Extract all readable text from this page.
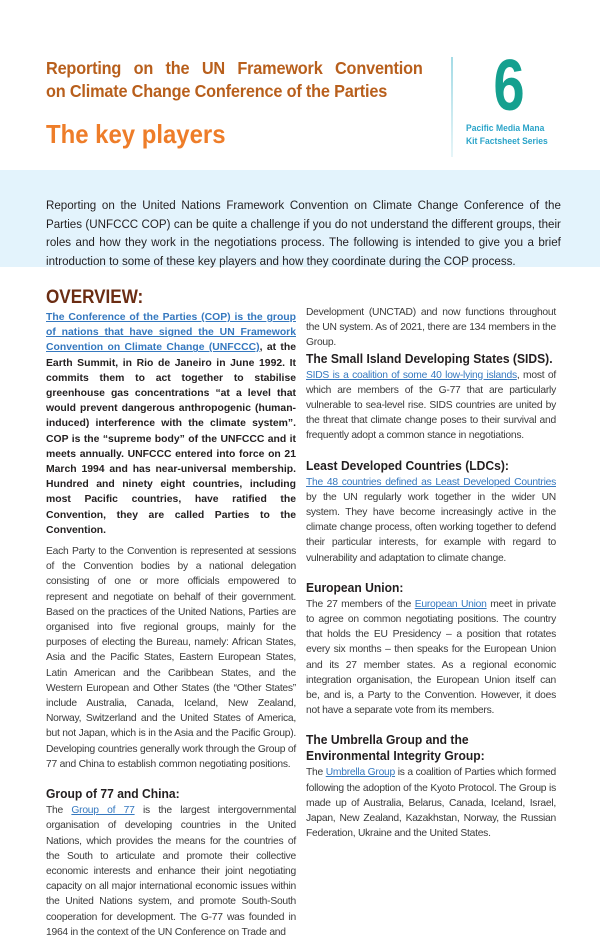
Reporting on the UN Framework Convention
on Climate Change Conference of the Parties
The key players
6
Pacific Media Mana
Kit Factsheet Series

Reporting on the United Nations Framework Convention on Climate Change Conference of the Parties (UNFCCC COP) can be quite a challenge if you do not understand the different groups, their roles and how they work in the negotiations process. The following is intended to give you a brief introduction to some of these key players and how they coordinate during the COP process.

OVERVIEW:

The Conference of the Parties (COP) is the group of nations that have signed the UN Framework Convention on Climate Change (UNFCCC), at the Earth Summit, in Rio de Janeiro in June 1992. It commits them to act together to stabilise greenhouse gas concentrations “at a level that would prevent dangerous anthropogenic (human-induced) interference with the climate system”. COP is the “supreme body” of the UNFCCC and it meets annually. UNFCCC entered into force on 21 March 1994 and has near-universal membership. Hundred and ninety eight countries, including most Pacific countries, have ratified the Convention, they are called Parties to the Convention.

Each Party to the Convention is represented at sessions of the Convention bodies by a national delegation consisting of one or more officials empowered to represent and negotiate on behalf of their government. Based on the practices of the United Nations, Parties are organised into five regional groups, mainly for the purposes of electing the Bureau, namely: African States, Asia and the Pacific States, Eastern European States, Latin American and the Caribbean States, and the Western European and Other States (the “Other States” include Australia, Canada, Iceland, New Zealand, Norway, Switzerland and the United States of America, but not Japan, which is in the Asia and the Pacific Group). Developing countries generally work through the Group of 77 and China to establish common negotiating positions.

Group of 77 and China:

The Group of 77 is the largest intergovernmental organisation of developing countries in the United Nations, which provides the means for the countries of the South to articulate and promote their collective economic interests and enhance their joint negotiating capacity on all major international economic issues within the United Nations system, and promote South-South cooperation for development. The G-77 was founded in 1964 in the context of the UN Conference on Trade and

Development (UNCTAD) and now functions throughout the UN system. As of 2021, there are 134 members in the Group.

The Small Island Developing States (SIDS).

SIDS is a coalition of some 40 low-lying islands, most of which are members of the G-77 that are particularly vulnerable to sea-level rise. SIDS countries are united by the threat that climate change poses to their survival and frequently adopt a common stance in negotiations.

Least Developed Countries (LDCs):

The 48 countries defined as Least Developed Countries by the UN regularly work together in the wider UN system. They have become increasingly active in the climate change process, often working together to defend their particular interests, for example with regard to vulnerability and adaptation to climate change.

European Union:

The 27 members of the European Union meet in private to agree on common negotiating positions. The country that holds the EU Presidency – a position that rotates every six months – then speaks for the European Union and its 27 member states. As a regional economic integration organisation, the European Union itself can be, and is, a Party to the Convention. However, it does not have a separate vote from its members.

The Umbrella Group and the Environmental Integrity Group:

The Umbrella Group is a coalition of Parties which formed following the adoption of the Kyoto Protocol. The Group is made up of Australia, Belarus, Canada, Iceland, Israel, Japan, New Zealand, Kazakhstan, Norway, the Russian Federation, Ukraine and the United States.
